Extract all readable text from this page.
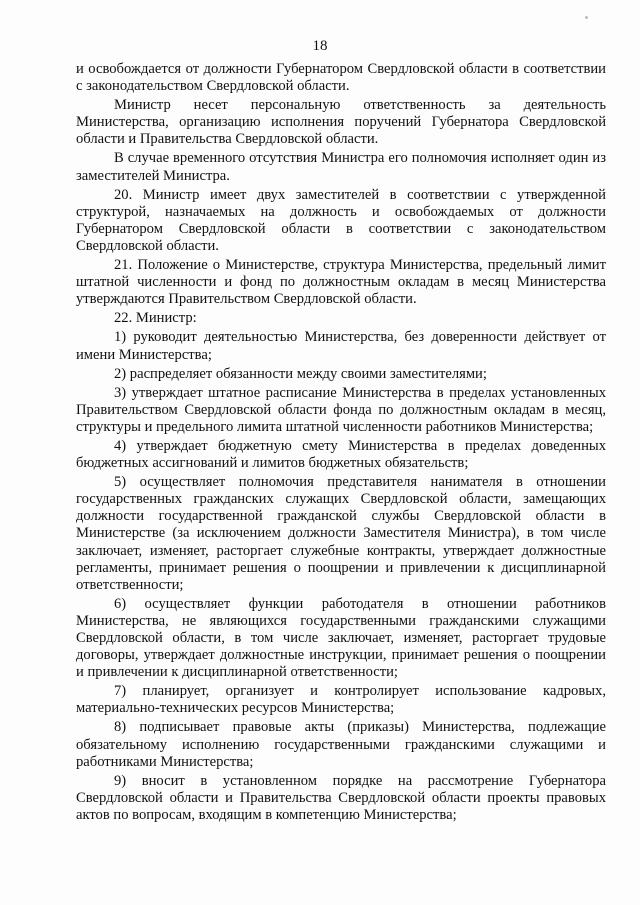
18

и освобождается от должности Губернатором Свердловской области в соответствии с законодательством Свердловской области.

Министр несет персональную ответственность за деятельность Министерства, организацию исполнения поручений Губернатора Свердловской области и Правительства Свердловской области.

В случае временного отсутствия Министра его полномочия исполняет один из заместителей Министра.

20. Министр имеет двух заместителей в соответствии с утвержденной структурой, назначаемых на должность и освобождаемых от должности Губернатором Свердловской области в соответствии с законодательством Свердловской области.

21. Положение о Министерстве, структура Министерства, предельный лимит штатной численности и фонд по должностным окладам в месяц Министерства утверждаются Правительством Свердловской области.

22. Министр:

1) руководит деятельностью Министерства, без доверенности действует от имени Министерства;

2) распределяет обязанности между своими заместителями;

3) утверждает штатное расписание Министерства в пределах установленных Правительством Свердловской области фонда по должностным окладам в месяц, структуры и предельного лимита штатной численности работников Министерства;

4) утверждает бюджетную смету Министерства в пределах доведенных бюджетных ассигнований и лимитов бюджетных обязательств;

5) осуществляет полномочия представителя нанимателя в отношении государственных гражданских служащих Свердловской области, замещающих должности государственной гражданской службы Свердловской области в Министерстве (за исключением должности Заместителя Министра), в том числе заключает, изменяет, расторгает служебные контракты, утверждает должностные регламенты, принимает решения о поощрении и привлечении к дисциплинарной ответственности;

6) осуществляет функции работодателя в отношении работников Министерства, не являющихся государственными гражданскими служащими Свердловской области, в том числе заключает, изменяет, расторгает трудовые договоры, утверждает должностные инструкции, принимает решения о поощрении и привлечении к дисциплинарной ответственности;

7) планирует, организует и контролирует использование кадровых, материально-технических ресурсов Министерства;

8) подписывает правовые акты (приказы) Министерства, подлежащие обязательному исполнению государственными гражданскими служащими и работниками Министерства;

9) вносит в установленном порядке на рассмотрение Губернатора Свердловской области и Правительства Свердловской области проекты правовых актов по вопросам, входящим в компетенцию Министерства;
